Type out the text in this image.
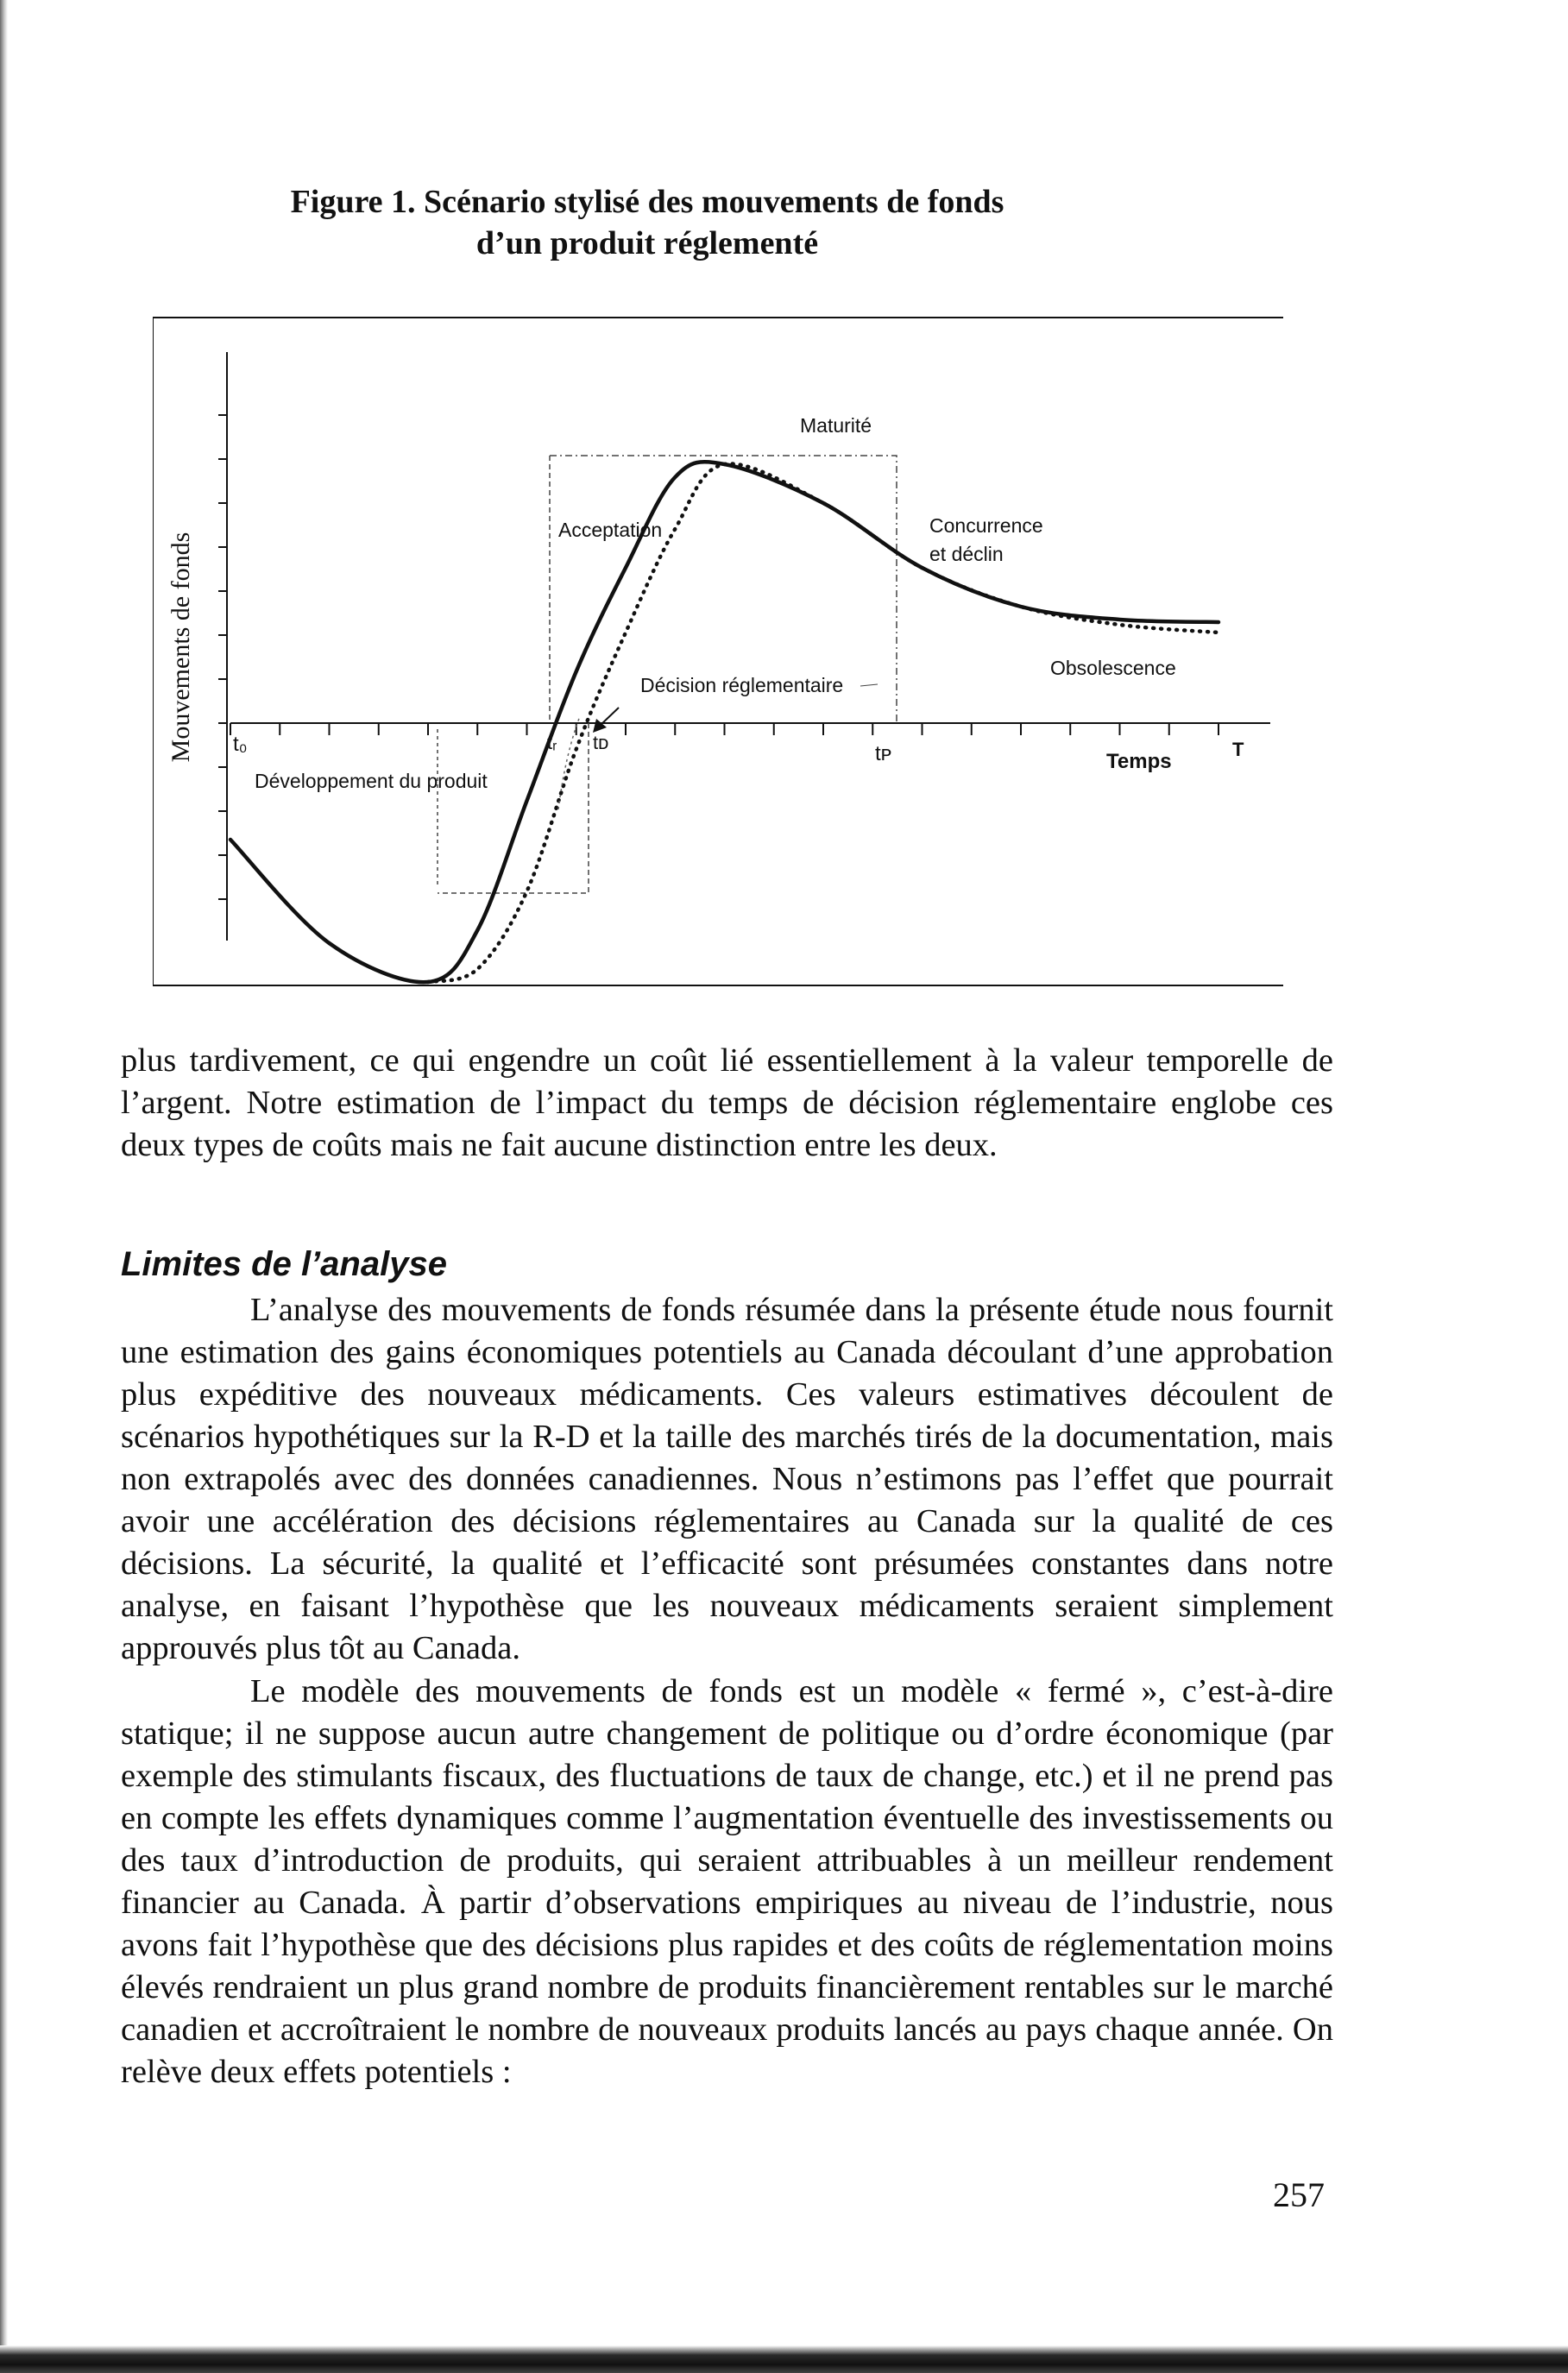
Figure 1. Scénario stylisé des mouvements de fonds
d’un produit réglementé
Mouvements de fonds
Maturité
Acceptation	Concurrence
et déclin
Obsolescence
Décision réglementaire
Développement du produit
Temps
t₀	tᵣ tᴅ	tᴘ	T

plus tardivement, ce qui engendre un coût lié essentiellement à la valeur temporelle de l’argent. Notre estimation de l’impact du temps de décision réglementaire englobe ces deux types de coûts mais ne fait aucune distinction entre les deux.

Limites de l’analyse

L’analyse des mouvements de fonds résumée dans la présente étude nous fournit une estimation des gains économiques potentiels au Canada découlant d’une approbation plus expéditive des nouveaux médicaments. Ces valeurs estimatives découlent de scénarios hypothétiques sur la R-D et la taille des marchés tirés de la documentation, mais non extrapolés avec des données canadiennes. Nous n’estimons pas l’effet que pourrait avoir une accélération des décisions réglementaires au Canada sur la qualité de ces décisions. La sécurité, la qualité et l’efficacité sont présumées constantes dans notre analyse, en faisant l’hypothèse que les nouveaux médicaments seraient simplement approuvés plus tôt au Canada.

Le modèle des mouvements de fonds est un modèle « fermé », c’est-à-dire statique; il ne suppose aucun autre changement de politique ou d’ordre économique (par exemple des stimulants fiscaux, des fluctuations de taux de change, etc.) et il ne prend pas en compte les effets dynamiques comme l’augmentation éventuelle des investissements ou des taux d’introduction de produits, qui seraient attribuables à un meilleur rendement financier au Canada. À partir d’observations empiriques au niveau de l’industrie, nous avons fait l’hypothèse que des décisions plus rapides et des coûts de réglementation moins élevés rendraient un plus grand nombre de produits financièrement rentables sur le marché canadien et accroîtraient le nombre de nouveaux produits lancés au pays chaque année. On relève deux effets potentiels :

257
